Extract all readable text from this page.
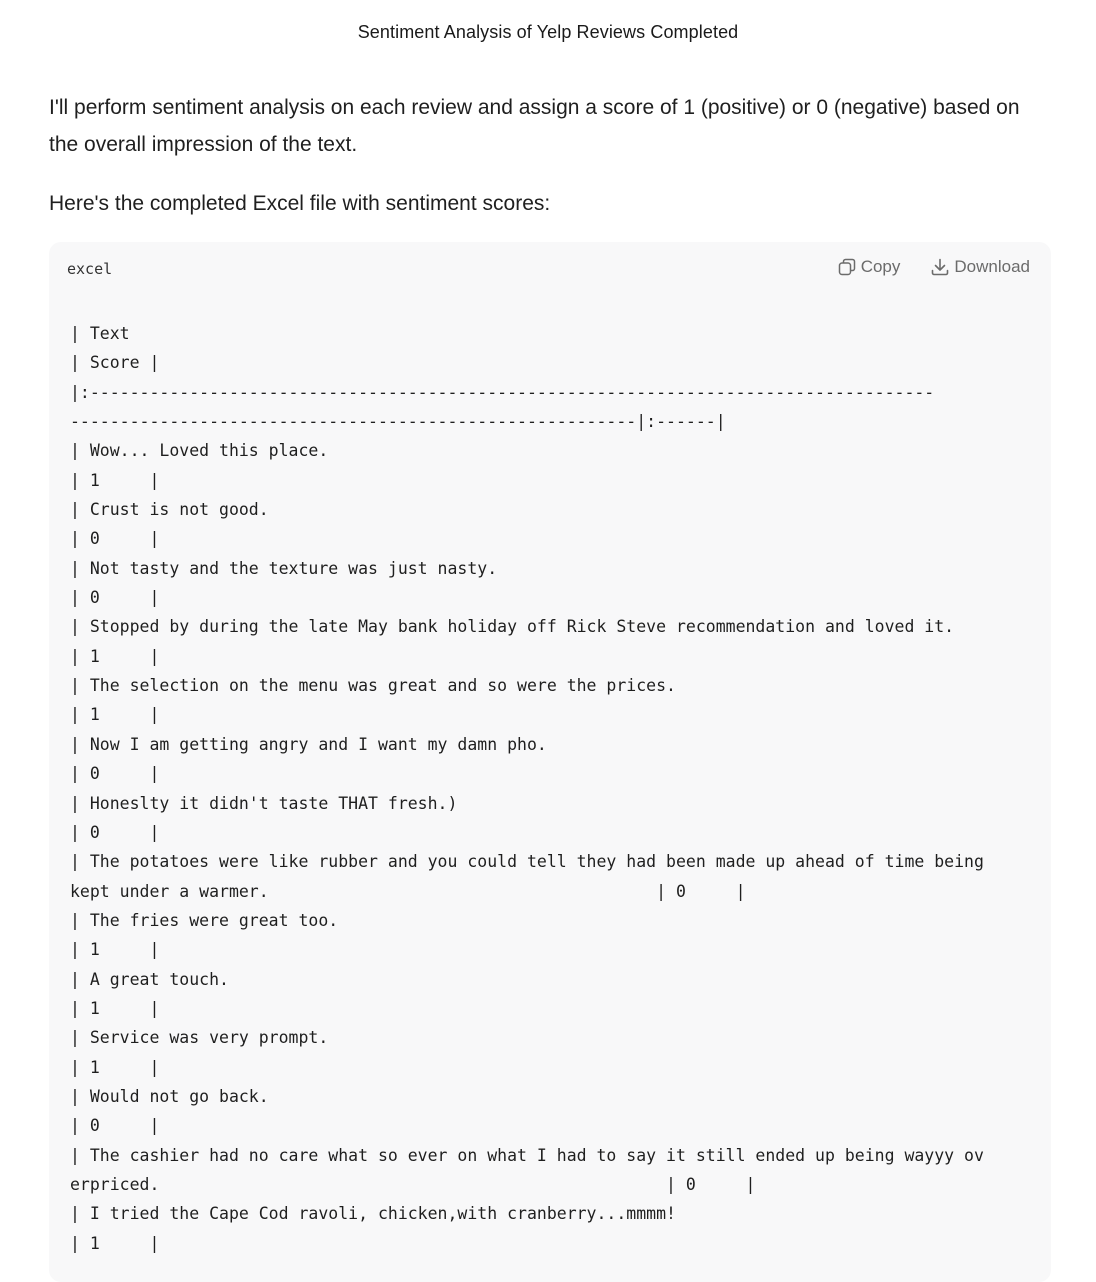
Sentiment Analysis of Yelp Reviews Completed

I'll perform sentiment analysis on each review and assign a score of 1 (positive) or 0 (negative) based on the overall impression of the text.

Here's the completed Excel file with sentiment scores:

excel	Copy	Download
| Text
| Score |
|:-------------------------------------------------------------------------------------
---------------------------------------------------------|:------|
| Wow... Loved this place.
| 1     |
| Crust is not good.
| 0     |
| Not tasty and the texture was just nasty.
| 0     |
| Stopped by during the late May bank holiday off Rick Steve recommendation and loved it.
| 1     |
| The selection on the menu was great and so were the prices.
| 1     |
| Now I am getting angry and I want my damn pho.
| 0     |
| Honeslty it didn't taste THAT fresh.)
| 0     |
| The potatoes were like rubber and you could tell they had been made up ahead of time being
kept under a warmer.                                       | 0     |
| The fries were great too.
| 1     |
| A great touch.
| 1     |
| Service was very prompt.
| 1     |
| Would not go back.
| 0     |
| The cashier had no care what so ever on what I had to say it still ended up being wayyy ov
erpriced.                                                   | 0     |
| I tried the Cape Cod ravoli, chicken,with cranberry...mmmm!
| 1     |
